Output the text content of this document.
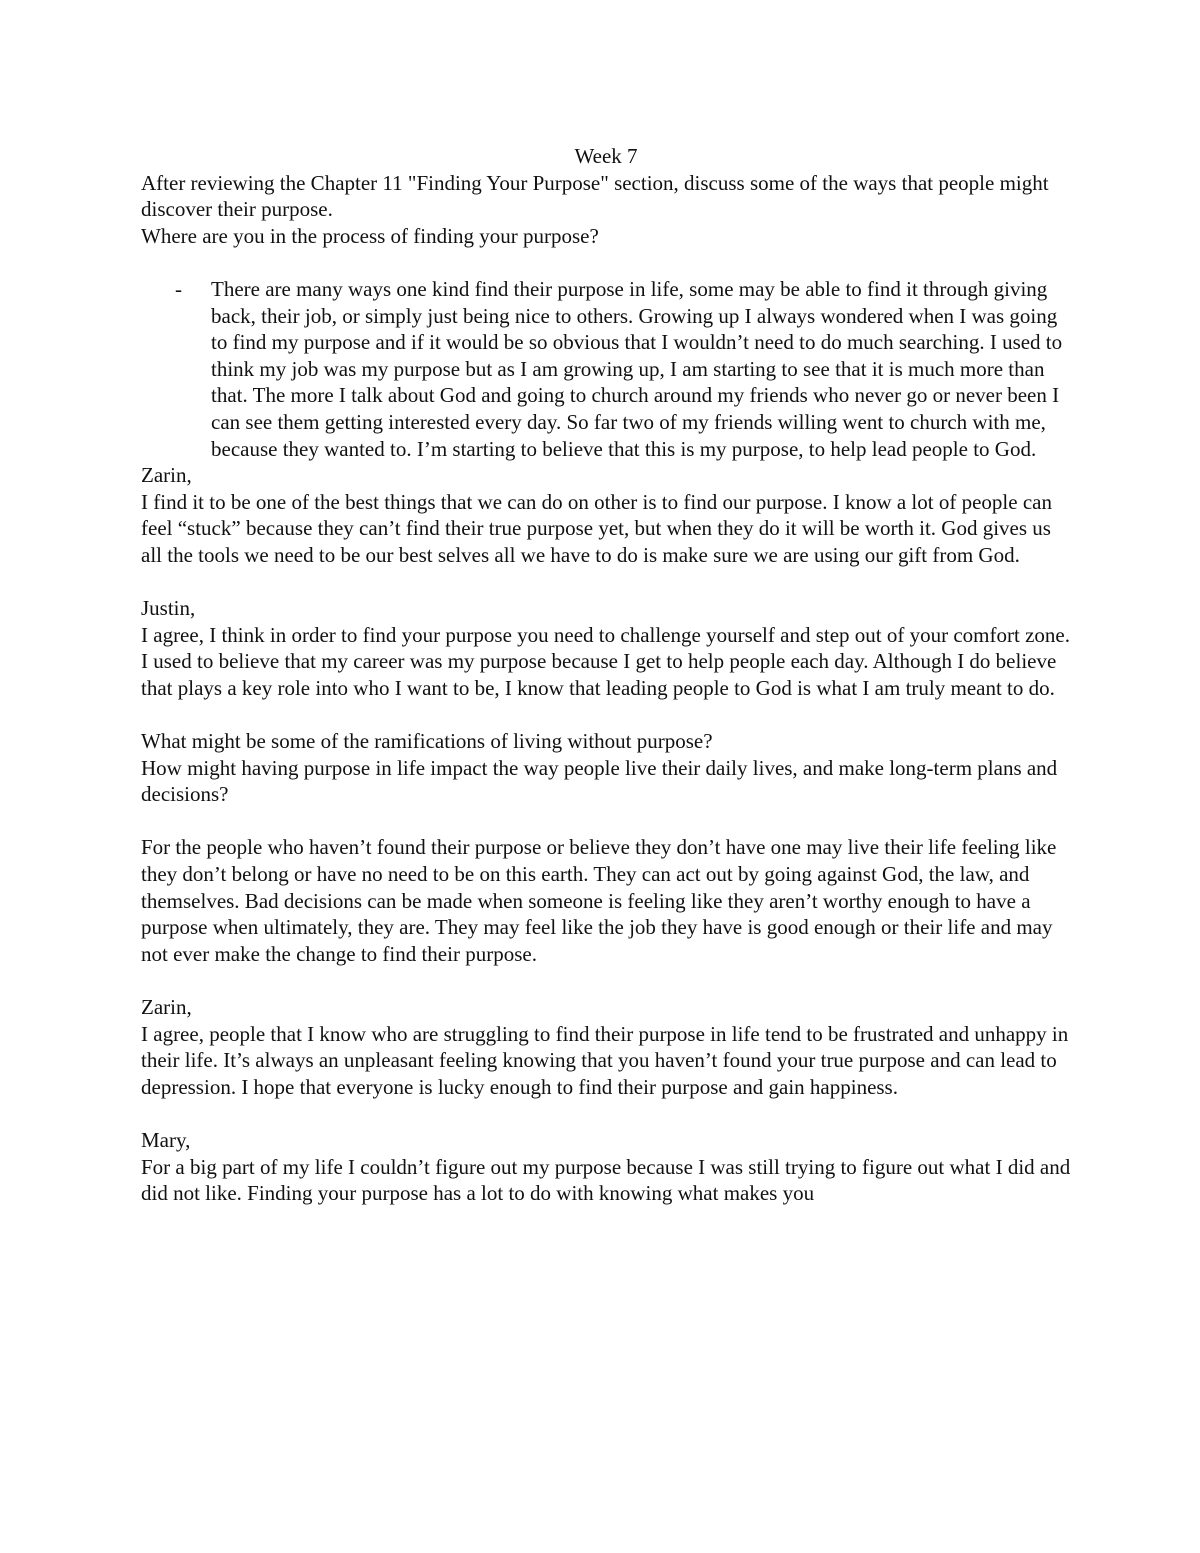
Week 7

After reviewing the Chapter 11 "Finding Your Purpose" section, discuss some of the ways that people might discover their purpose.

Where are you in the process of finding your purpose?

- There are many ways one kind find their purpose in life, some may be able to find it through giving back, their job, or simply just being nice to others. Growing up I always wondered when I was going to find my purpose and if it would be so obvious that I wouldn’t need to do much searching. I used to think my job was my purpose but as I am growing up, I am starting to see that it is much more than that. The more I talk about God and going to church around my friends who never go or never been I can see them getting interested every day. So far two of my friends willing went to church with me, because they wanted to. I’m starting to believe that this is my purpose, to help lead people to God.

Zarin,

I find it to be one of the best things that we can do on other is to find our purpose. I know a lot of people can feel “stuck” because they can’t find their true purpose yet, but when they do it will be worth it. God gives us all the tools we need to be our best selves all we have to do is make sure we are using our gift from God.

Justin,

I agree, I think in order to find your purpose you need to challenge yourself and step out of your comfort zone. I used to believe that my career was my purpose because I get to help people each day. Although I do believe that plays a key role into who I want to be, I know that leading people to God is what I am truly meant to do.

What might be some of the ramifications of living without purpose?

How might having purpose in life impact the way people live their daily lives, and make long-term plans and decisions?

For the people who haven’t found their purpose or believe they don’t have one may live their life feeling like they don’t belong or have no need to be on this earth. They can act out by going against God, the law, and themselves. Bad decisions can be made when someone is feeling like they aren’t worthy enough to have a purpose when ultimately, they are. They may feel like the job they have is good enough or their life and may not ever make the change to find their purpose.

Zarin,

I agree, people that I know who are struggling to find their purpose in life tend to be frustrated and unhappy in their life. It’s always an unpleasant feeling knowing that you haven’t found your true purpose and can lead to depression. I hope that everyone is lucky enough to find their purpose and gain happiness.

Mary,

For a big part of my life I couldn’t figure out my purpose because I was still trying to figure out what I did and did not like. Finding your purpose has a lot to do with knowing what makes you
